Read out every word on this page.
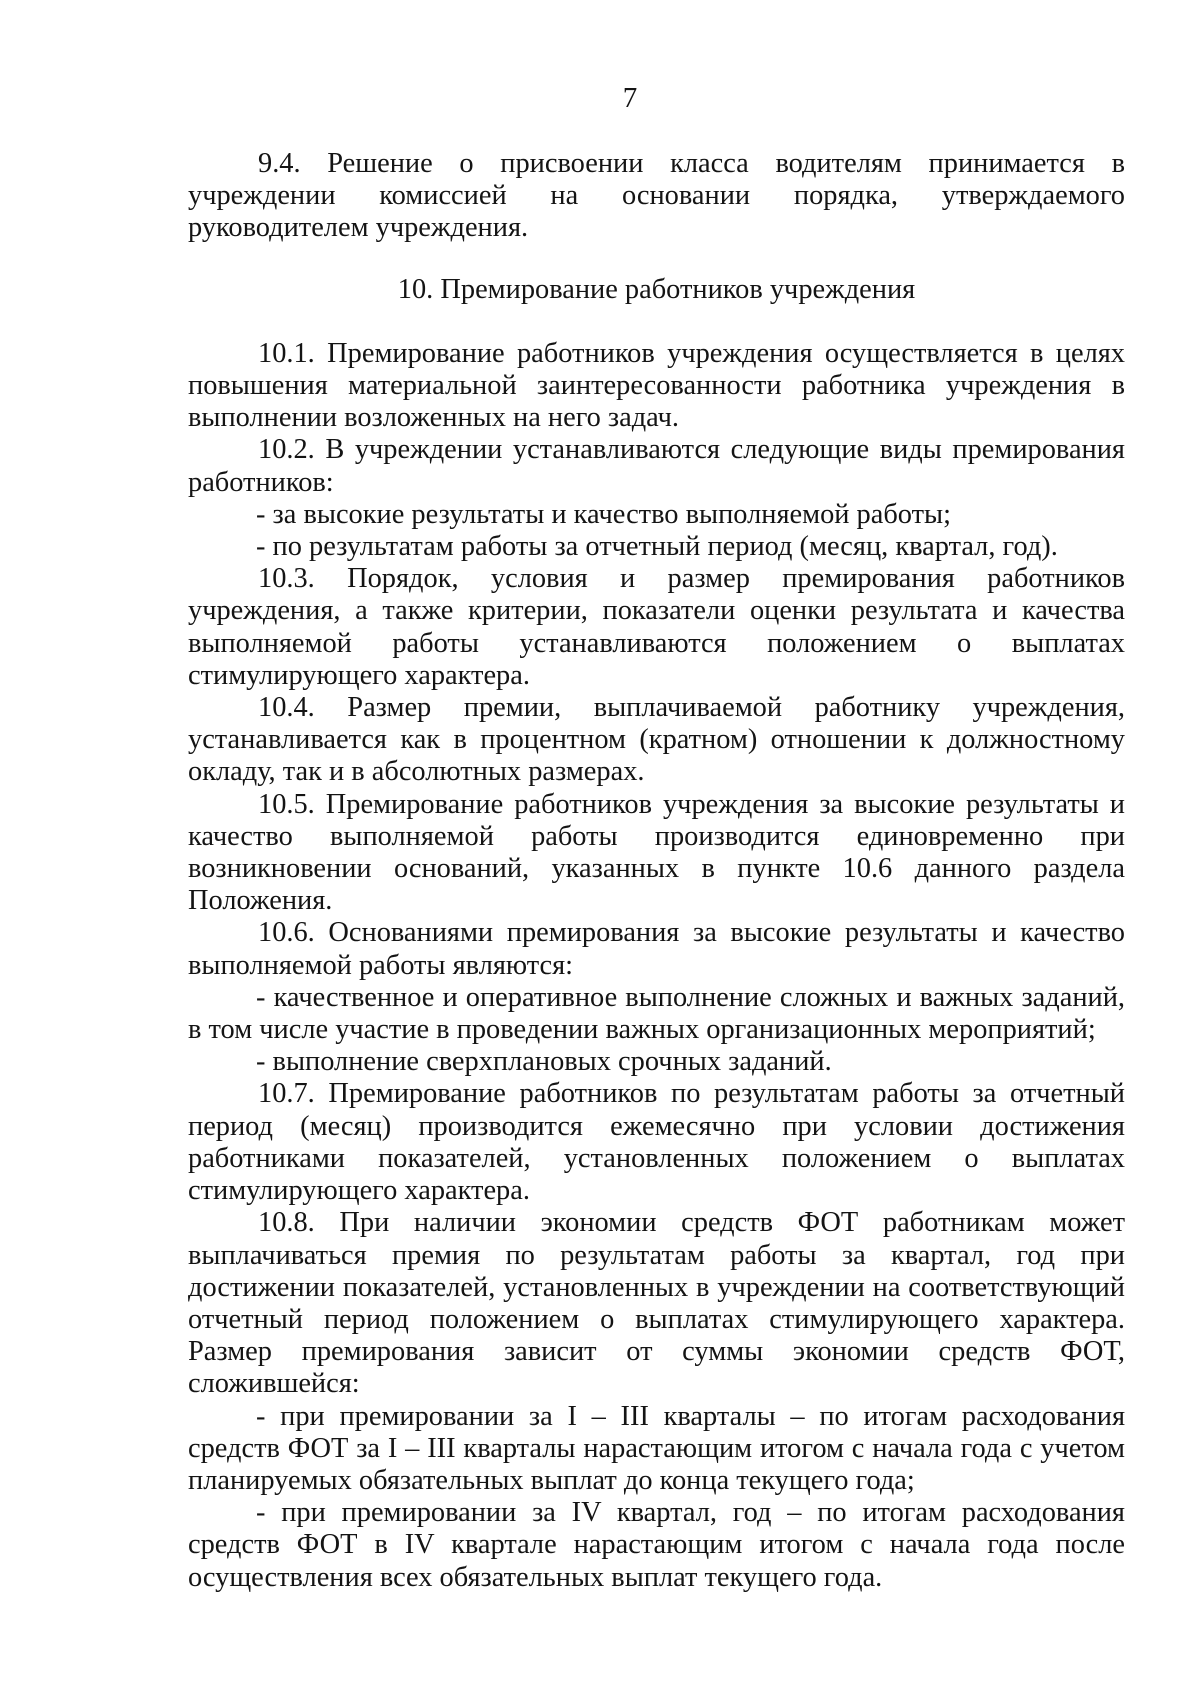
7

9.4. Решение о присвоении класса водителям принимается в учреждении комиссией на основании порядка, утверждаемого руководителем учреждения.

10. Премирование работников учреждения

10.1. Премирование работников учреждения осуществляется в целях повышения материальной заинтересованности работника учреждения в выполнении возложенных на него задач.

10.2. В учреждении устанавливаются следующие виды премирования работников:

- за высокие результаты и качество выполняемой работы;

- по результатам работы за отчетный период (месяц, квартал, год).

10.3. Порядок, условия и размер премирования работников учреждения, а также критерии, показатели оценки результата и качества выполняемой работы устанавливаются положением о выплатах стимулирующего характера.

10.4. Размер премии, выплачиваемой работнику учреждения, устанавливается как в процентном (кратном) отношении к должностному окладу, так и в абсолютных размерах.

10.5. Премирование работников учреждения за высокие результаты и качество выполняемой работы производится единовременно при возникновении оснований, указанных в пункте 10.6 данного раздела Положения.

10.6. Основаниями премирования за высокие результаты и качество выполняемой работы являются:

- качественное и оперативное выполнение сложных и важных заданий, в том числе участие в проведении важных организационных мероприятий;

- выполнение сверхплановых срочных заданий.

10.7. Премирование работников по результатам работы за отчетный период (месяц) производится ежемесячно при условии достижения работниками показателей, установленных положением о выплатах стимулирующего характера.

10.8. При наличии экономии средств ФОТ работникам может выплачиваться премия по результатам работы за квартал, год при достижении показателей, установленных в учреждении на соответствующий отчетный период положением о выплатах стимулирующего характера. Размер премирования зависит от суммы экономии средств ФОТ, сложившейся:

- при премировании за I – III кварталы – по итогам расходования средств ФОТ за I – III кварталы нарастающим итогом с начала года с учетом планируемых обязательных выплат до конца текущего года;

- при премировании за IV квартал, год – по итогам расходования средств ФОТ в IV квартале нарастающим итогом с начала года после осуществления всех обязательных выплат текущего года.
